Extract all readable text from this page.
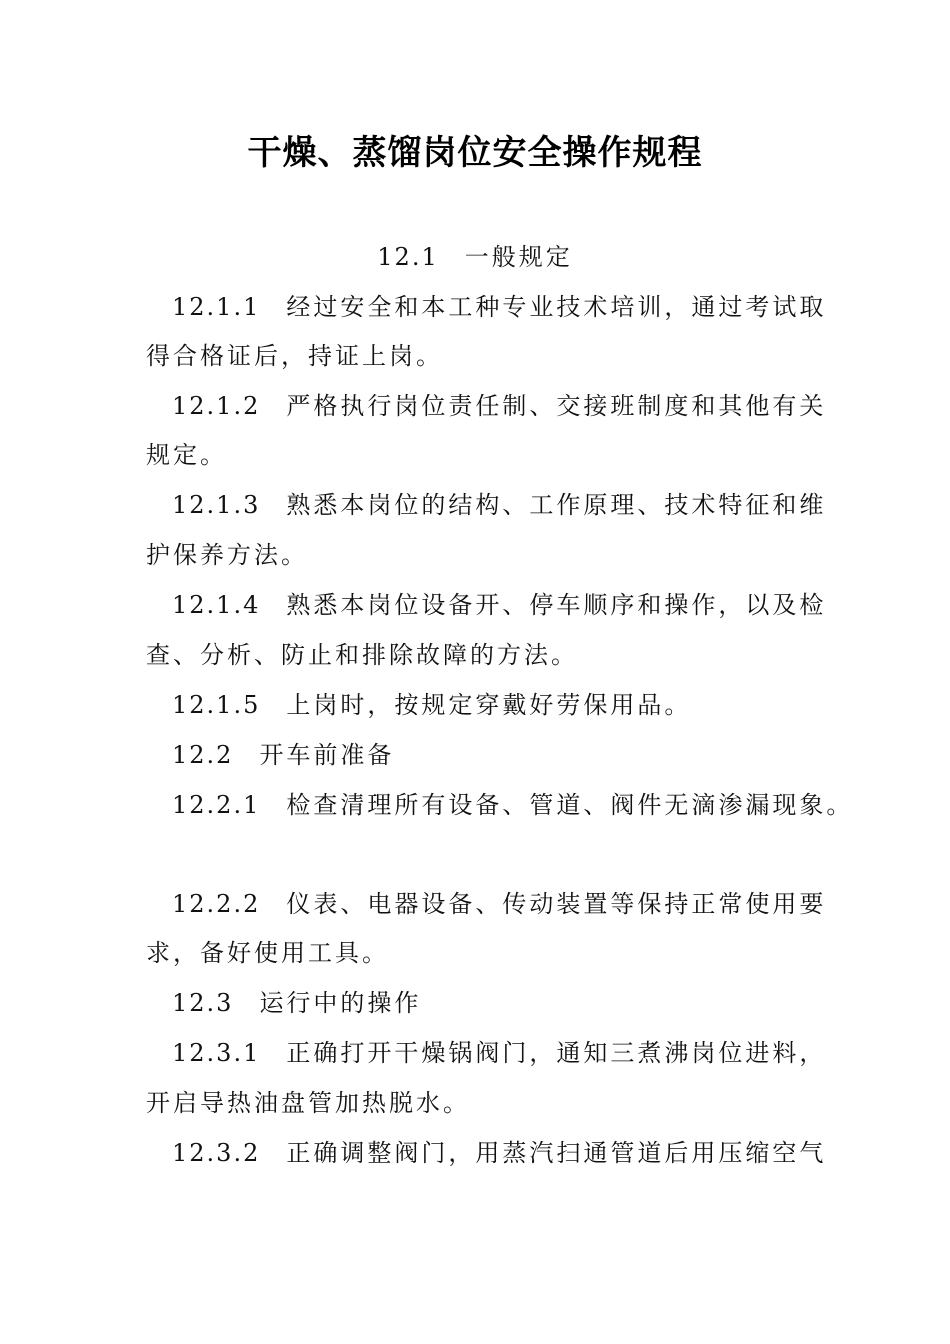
干燥、蒸馏岗位安全操作规程
12.1 一般规定
12.1.1 经过安全和本工种专业技术培训，通过考试取
得合格证后，持证上岗。
12.1.2 严格执行岗位责任制、交接班制度和其他有关
规定。
12.1.3 熟悉本岗位的结构、工作原理、技术特征和维
护保养方法。
12.1.4 熟悉本岗位设备开、停车顺序和操作，以及检
查、分析、防止和排除故障的方法。
12.1.5 上岗时，按规定穿戴好劳保用品。
12.2 开车前准备
12.2.1 检查清理所有设备、管道、阀件无滴渗漏现象。
12.2.2 仪表、电器设备、传动装置等保持正常使用要
求，备好使用工具。
12.3 运行中的操作
12.3.1 正确打开干燥锅阀门，通知三煮沸岗位进料，
开启导热油盘管加热脱水。
12.3.2 正确调整阀门，用蒸汽扫通管道后用压缩空气
